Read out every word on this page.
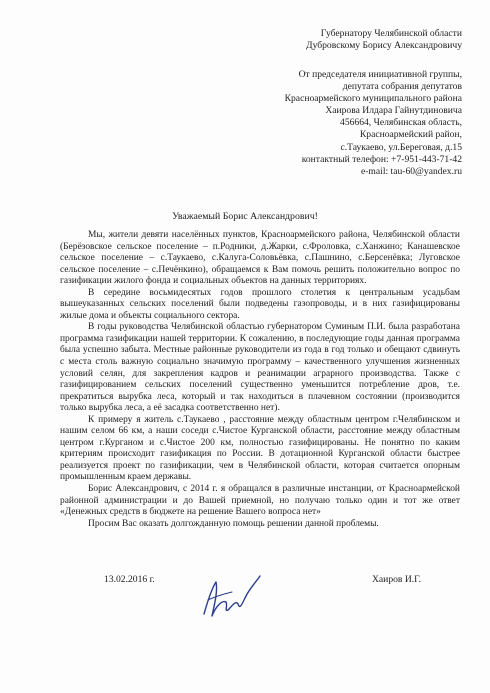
Губернатору Челябинской области
Дубровскому Борису Александровичу
От председателя инициативной группы,
депутата собрания депутатов
Красноармейского муниципального района
Хаирова Илдара Гайнутдиновича
456664, Челябинская область,
Красноармейский район,
с.Таукаево, ул.Береговая, д.15
контактный телефон: +7-951-443-71-42
e-mail: tau-60@yandex.ru
Уважаемый Борис Александрович!

Мы, жители девяти населённых пунктов, Красноармейского района, Челябинской области (Берёзовское сельское поселение – п.Родники, д.Жарки, с.Фроловка, с.Ханжино; Канашевское сельское поселение – с.Таукаево, с.Калуга-Соловьёвка, с.Пашнино, с.Берсенёвка; Луговское сельское поселение – с.Печёнкино), обращаемся к Вам помочь решить положительно вопрос по газификации жилого фонда и социальных объектов на данных территориях.

В середине восьмидесятых годов прошлого столетия к центральным усадьбам вышеуказанных сельских поселений были подведены газопроводы, и в них газифицированы жилые дома и объекты социального сектора.

В годы руководства Челябинской областью губернатором Суминым П.И. была разработана программа газификации нашей территории. К сожалению, в последующие годы данная программа была успешно забыта. Местные районные руководители из года в год только и обещают сдвинуть с места столь важную социально значимую программу – качественного улучшения жизненных условий селян, для закрепления кадров и реанимации аграрного производства. Также с газифицированием сельских поселений существенно уменьшится потребление дров, т.е. прекратиться вырубка леса, который и так находиться в плачевном состоянии (производится только вырубка леса, а её засадка соответственно нет).

К примеру я житель с.Таукаево , расстояние между областным центром г.Челябинском и нашим селом 66 км, а наши соседи с.Чистое Курганской области, расстояние между областным центром г.Курганом и с.Чистое 200 км, полностью газифицированы. Не понятно по каким критериям происходит газификация по России. В дотационной Курганской области быстрее реализуется проект по газификации, чем в Челябинской области, которая считается опорным промышленным краем державы.

Борис Александрович, с 2014 г. я обращался в различные инстанции, от Красноармейской районной администрации и до Вашей приемной, но получаю только один и тот же ответ «Денежных средств в бюджете на решение Вашего вопроса нет»

Просим Вас оказать долгожданную помощь решении данной проблемы.

13.02.2016 г.	Хаиров И.Г.
